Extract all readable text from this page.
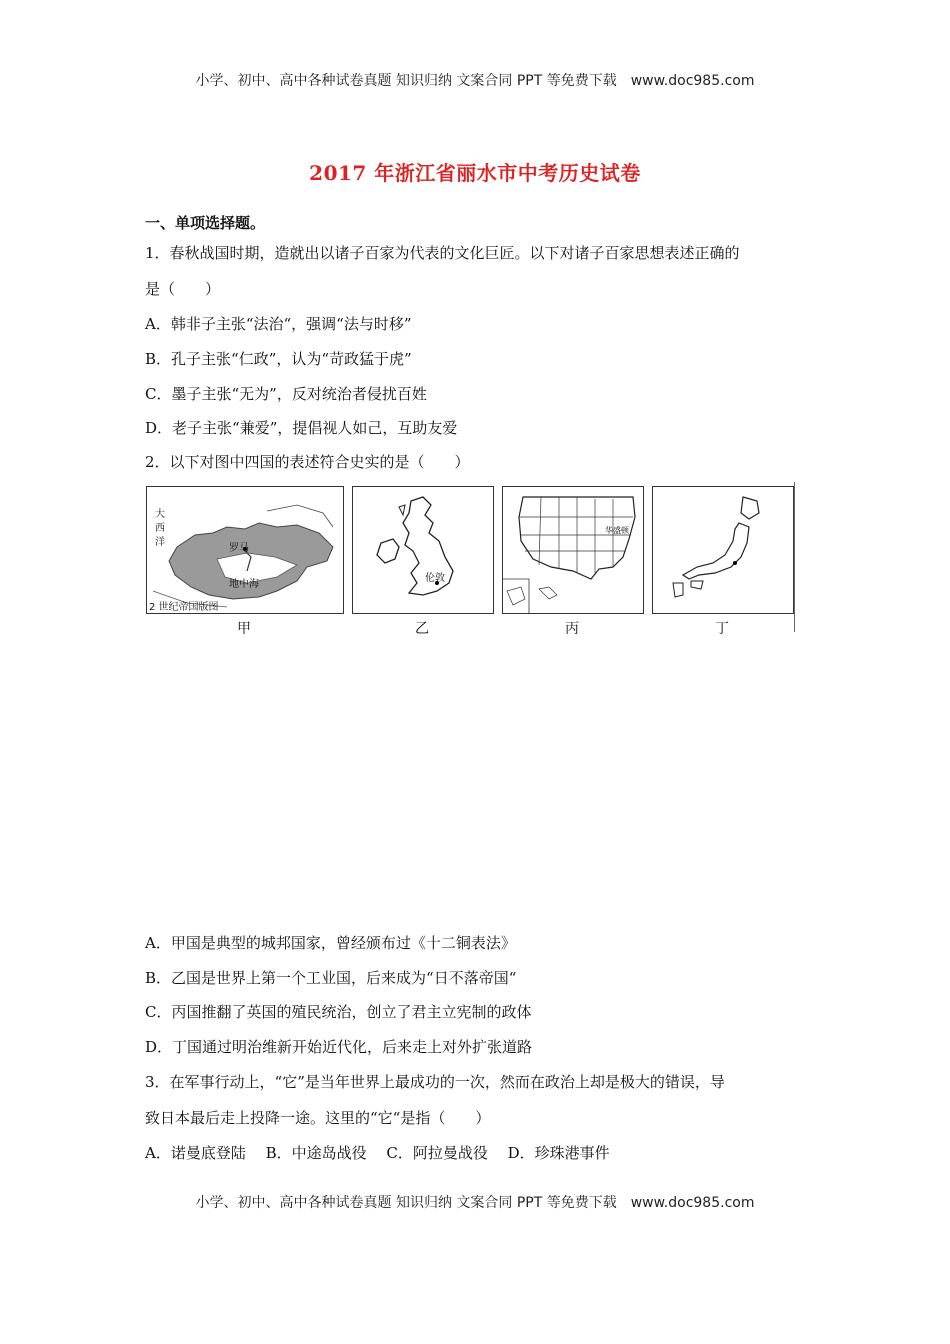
小学、初中、高中各种试卷真题 知识归纳 文案合同 PPT 等免费下载　www.doc985.com
2017 年浙江省丽水市中考历史试卷
一、单项选择题。
1．春秋战国时期，造就出以诸子百家为代表的文化巨匠。以下对诸子百家思想表述正确的
是（　　）
A．韩非子主张“法治“，强调“法与时移”
B．孔子主张“仁政”，认为“苛政猛于虎”
C．墨子主张“无为”，反对统治者侵扰百姓
D．老子主张“兼爱”，提倡视人如己，互助友爱
2．以下对图中四国的表述符合史实的是（　　）
大
西
洋
罗马
地中海
2 世纪帝国版图
甲
伦敦
乙
华盛顿
丙	丁
A．甲国是典型的城邦国家，曾经颁布过《十二铜表法》
B．乙国是世界上第一个工业国，后来成为“日不落帝国“
C．丙国推翻了英国的殖民统治，创立了君主立宪制的政体
D．丁国通过明治维新开始近代化，后来走上对外扩张道路
3．在军事行动上，“它”是当年世界上最成功的一次，然而在政治上却是极大的错误，导
致日本最后走上投降一途。这里的“它“是指（　　）
A．诺曼底登陆　 B．中途岛战役　 C．阿拉曼战役　 D．珍珠港事件
小学、初中、高中各种试卷真题 知识归纳 文案合同 PPT 等免费下载　www.doc985.com
